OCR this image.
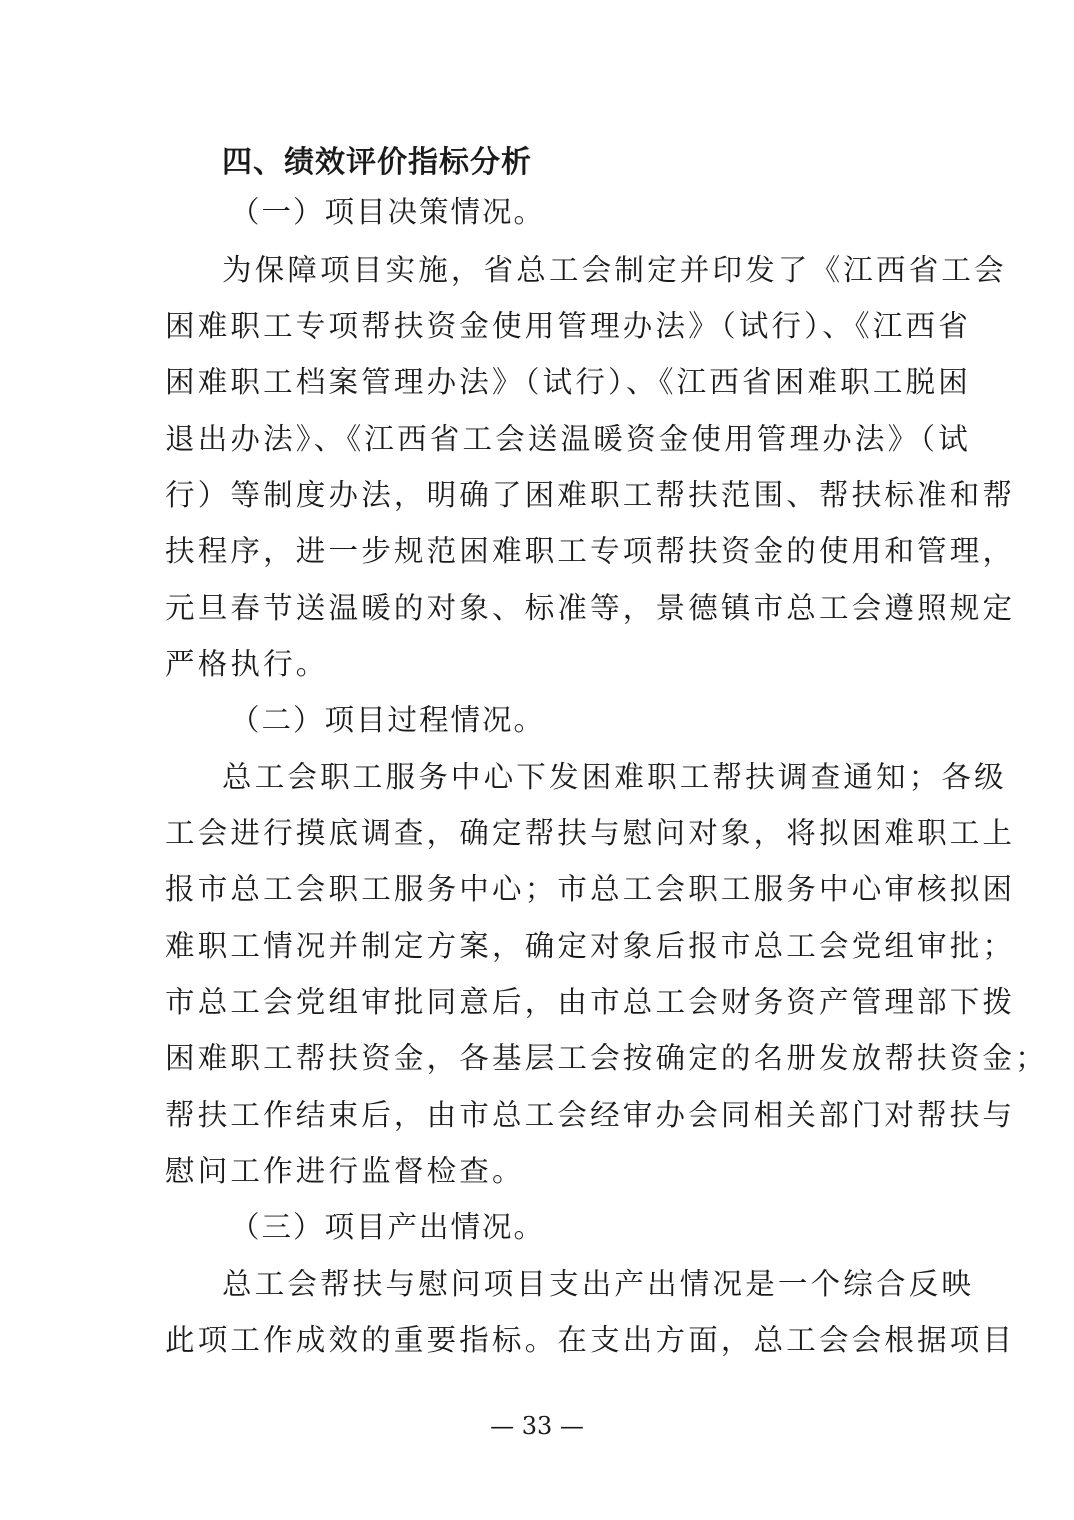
四、绩效评价指标分析
（一）项目决策情况。
为保障项目实施，省总工会制定并印发了《江西省工会
困难职工专项帮扶资金使用管理办法》（试行）、《江西省
困难职工档案管理办法》（试行）、《江西省困难职工脱困
退出办法》、《江西省工会送温暖资金使用管理办法》（试
行）等制度办法，明确了困难职工帮扶范围、帮扶标准和帮
扶程序，进一步规范困难职工专项帮扶资金的使用和管理，
元旦春节送温暖的对象、标准等，景德镇市总工会遵照规定
严格执行。
（二）项目过程情况。
总工会职工服务中心下发困难职工帮扶调查通知；各级
工会进行摸底调查，确定帮扶与慰问对象，将拟困难职工上
报市总工会职工服务中心；市总工会职工服务中心审核拟困
难职工情况并制定方案，确定对象后报市总工会党组审批；
市总工会党组审批同意后，由市总工会财务资产管理部下拨
困难职工帮扶资金，各基层工会按确定的名册发放帮扶资金；
帮扶工作结束后，由市总工会经审办会同相关部门对帮扶与
慰问工作进行监督检查。
（三）项目产出情况。
总工会帮扶与慰问项目支出产出情况是一个综合反映
此项工作成效的重要指标。在支出方面，总工会会根据项目
— 33 —
